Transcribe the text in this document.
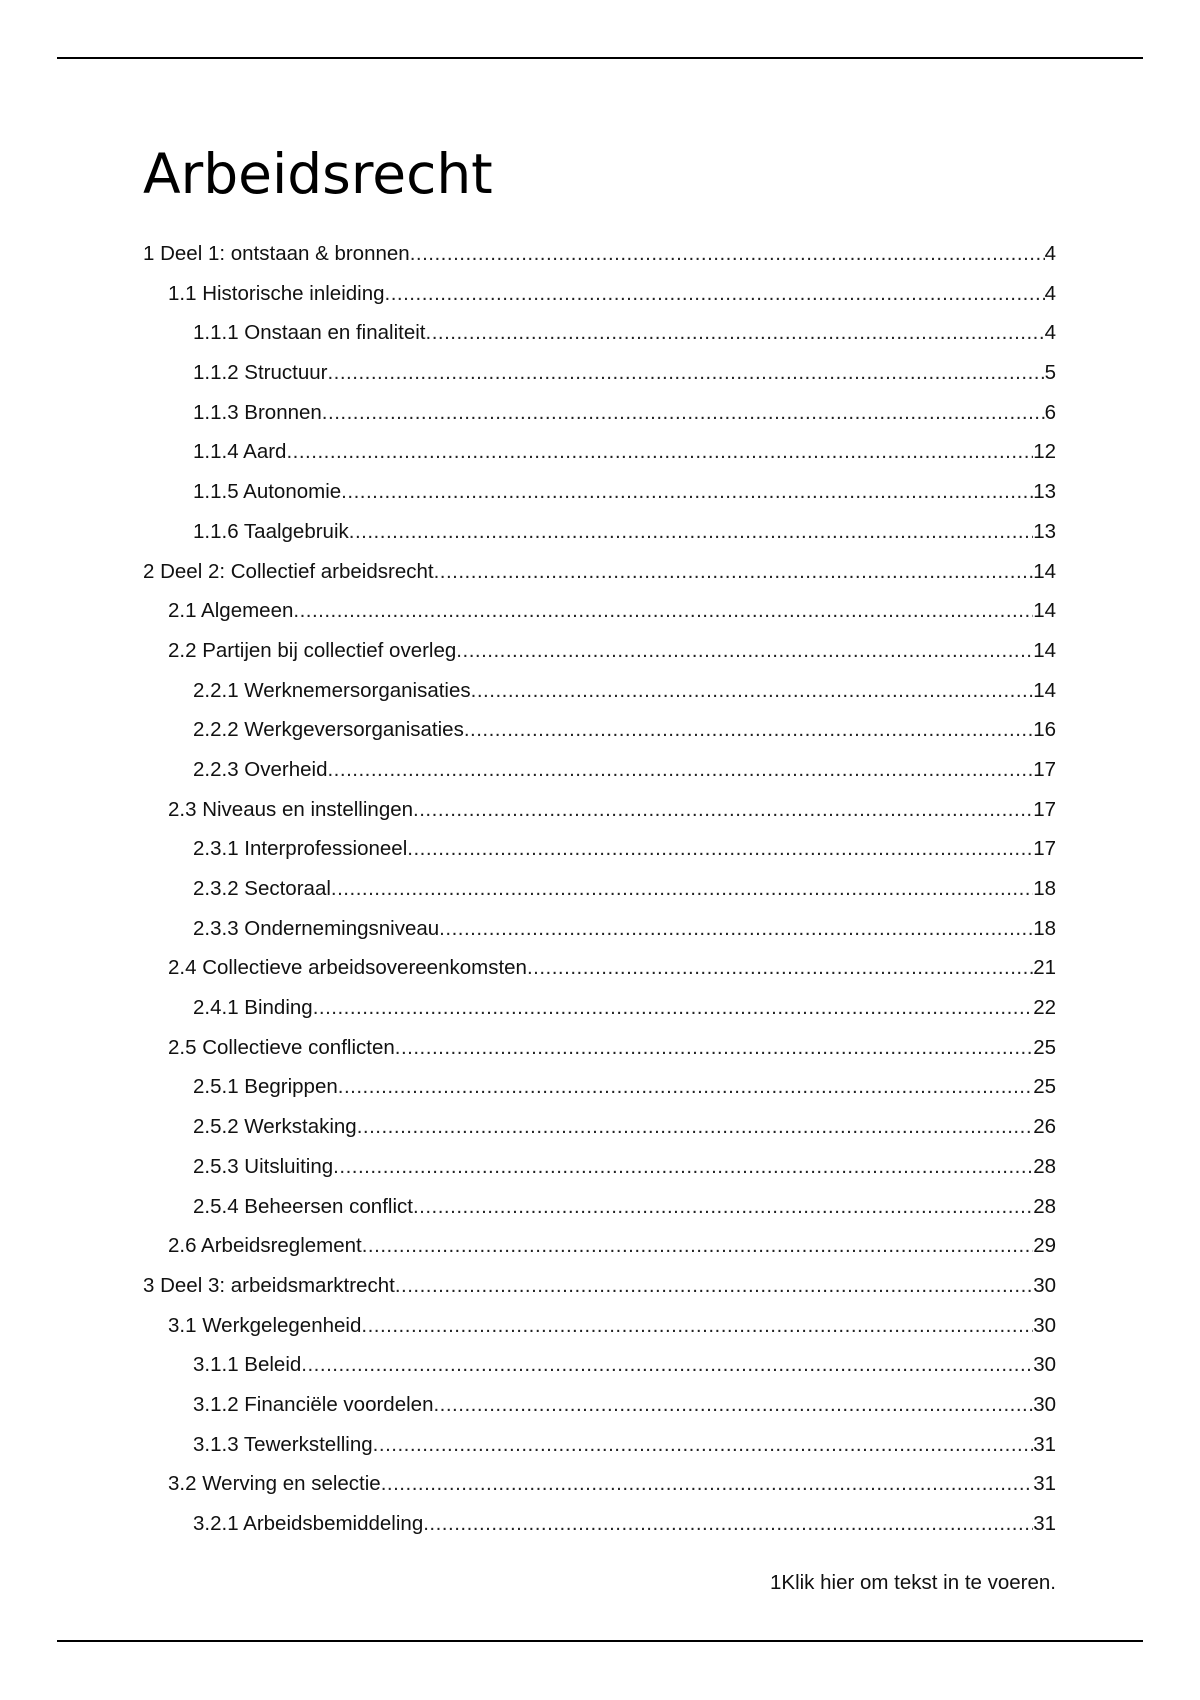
Arbeidsrecht
1 Deel 1: ontstaan & bronnen .....	4
1.1 Historische inleiding .....	4
1.1.1 Onstaan en finaliteit .....	4
1.1.2 Structuur .....	5
1.1.3 Bronnen .....	6
1.1.4 Aard .....	12
1.1.5 Autonomie .....	13
1.1.6 Taalgebruik .....	13
2 Deel 2: Collectief arbeidsrecht .....	14
2.1 Algemeen .....	14
2.2 Partijen bij collectief overleg .....	14
2.2.1 Werknemersorganisaties .....	14
2.2.2 Werkgeversorganisaties .....	16
2.2.3 Overheid .....	17
2.3 Niveaus en instellingen .....	17
2.3.1 Interprofessioneel .....	17
2.3.2 Sectoraal .....	18
2.3.3 Ondernemingsniveau .....	18
2.4 Collectieve arbeidsovereenkomsten .....	21
2.4.1 Binding .....	22
2.5 Collectieve conflicten .....	25
2.5.1 Begrippen .....	25
2.5.2 Werkstaking .....	26
2.5.3 Uitsluiting .....	28
2.5.4 Beheersen conflict .....	28
2.6 Arbeidsreglement .....	29
3 Deel 3: arbeidsmarktrecht .....	30
3.1 Werkgelegenheid .....	30
3.1.1 Beleid .....	30
3.1.2 Financiële voordelen .....	30
3.1.3 Tewerkstelling .....	31
3.2 Werving en selectie .....	31
3.2.1 Arbeidsbemiddeling .....	31
1Klik hier om tekst in te voeren.
